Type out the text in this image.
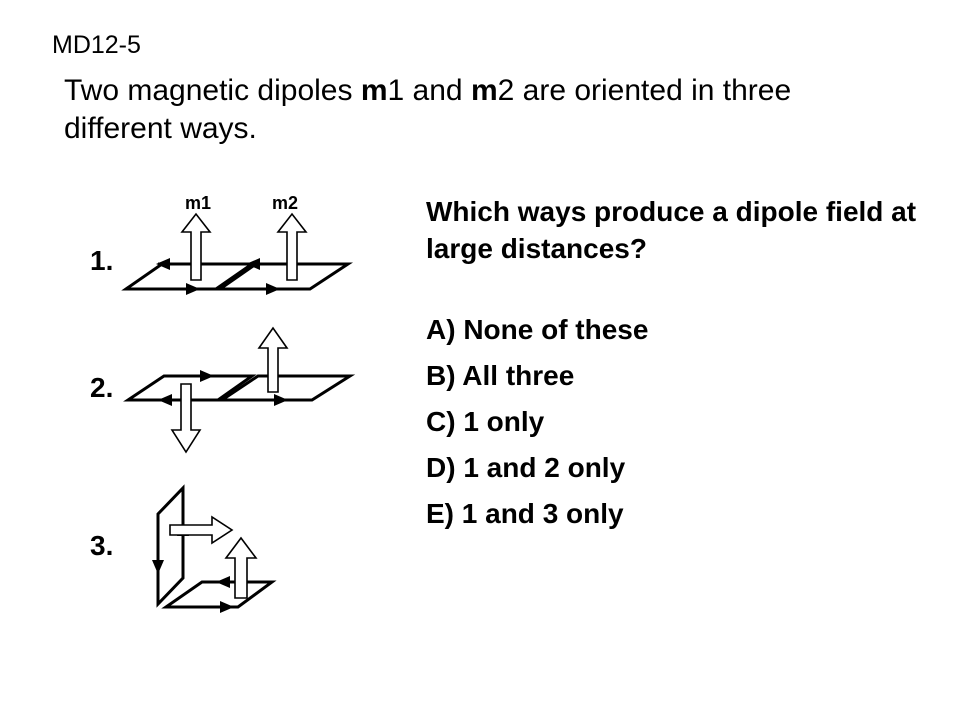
MD12-5
Two magnetic dipoles m1 and m2 are oriented in three different ways.
m1	m2
1.
2.
3.
Which ways produce a dipole field at large distances?
A) None of these
B) All three
C) 1 only
D) 1 and 2 only
E) 1 and 3 only
